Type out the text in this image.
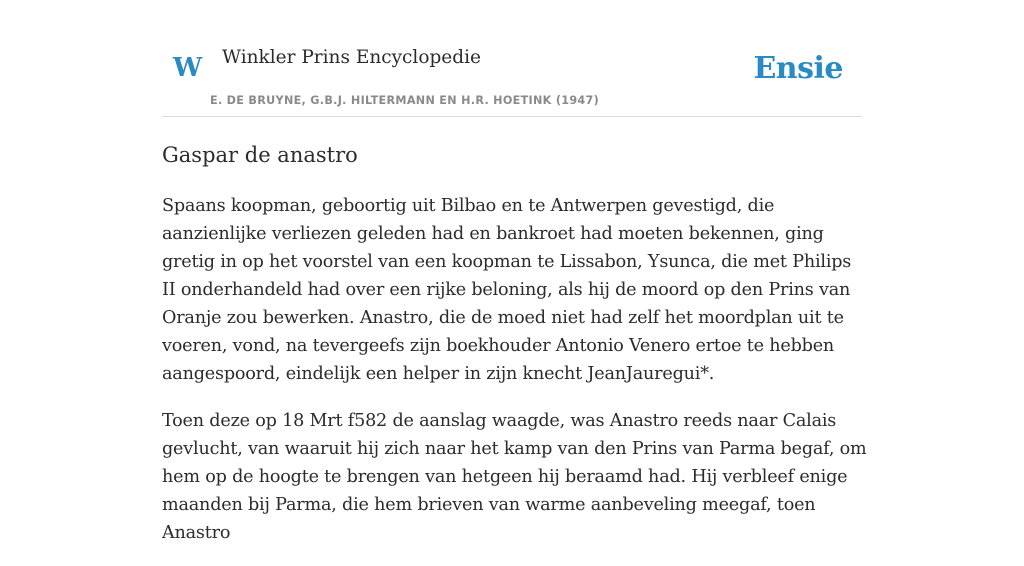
W Winkler Prins Encyclopedie
E. DE BRUYNE, G.B.J. HILTERMANN EN H.R. HOETINK (1947)
Ensie
Gaspar de anastro

Spaans koopman, geboortig uit Bilbao en te Antwerpen gevestigd, die aanzienlijke verliezen geleden had en bankroet had moeten bekennen, ging gretig in op het voorstel van een koopman te Lissabon, Ysunca, die met Philips II onderhandeld had over een rijke beloning, als hij de moord op den Prins van Oranje zou bewerken. Anastro, die de moed niet had zelf het moordplan uit te voeren, vond, na tevergeefs zijn boekhouder Antonio Venero ertoe te hebben aangespoord, eindelijk een helper in zijn knecht JeanJauregui*.

Toen deze op 18 Mrt f582 de aanslag waagde, was Anastro reeds naar Calais gevlucht, van waaruit hij zich naar het kamp van den Prins van Parma begaf, om hem op de hoogte te brengen van hetgeen hij beraamd had. Hij verbleef enige maanden bij Parma, die hem brieven van warme aanbeveling meegaf, toen Anastro
